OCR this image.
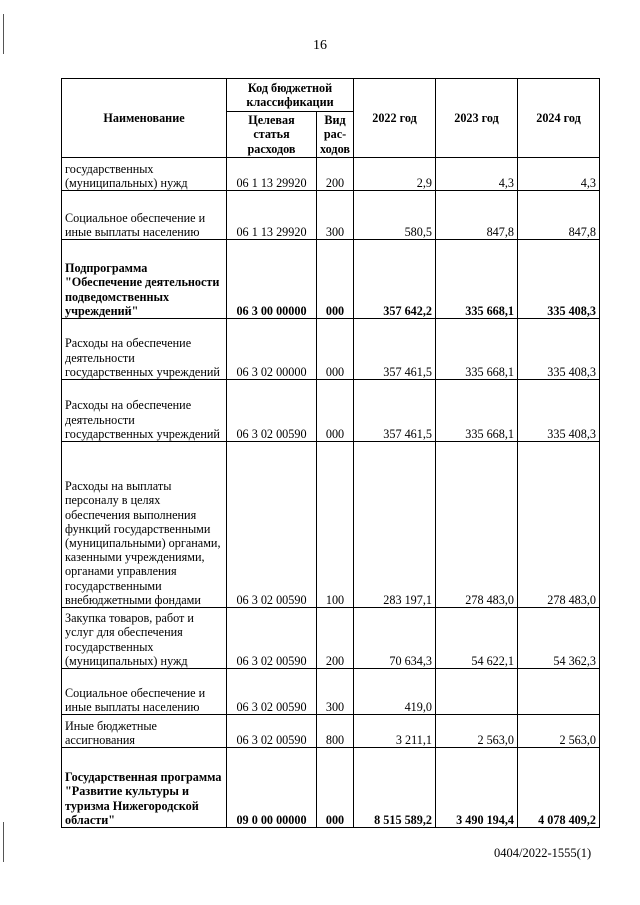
16
Наименование	Код бюджетной классификации		2022 год	2023 год	2024 год
	Целевая статья расходов	Вид рас-ходов			
государственных (муниципальных) нужд	06 1 13 29920	200	2,9	4,3	4,3
Социальное обеспечение и иные выплаты населению	06 1 13 29920	300	580,5	847,8	847,8
Подпрограмма "Обеспечение деятельности подведомственных учреждений"	06 3 00 00000	000	357 642,2	335 668,1	335 408,3
Расходы на обеспечение деятельности государственных учреждений	06 3 02 00000	000	357 461,5	335 668,1	335 408,3
Расходы на обеспечение деятельности государственных учреждений	06 3 02 00590	000	357 461,5	335 668,1	335 408,3
Расходы на выплаты персоналу в целях обеспечения выполнения функций государственными (муниципальными) органами, казенными учреждениями, органами управления государственными внебюджетными фондами	06 3 02 00590	100	283 197,1	278 483,0	278 483,0
Закупка товаров, работ и услуг для обеспечения государственных (муниципальных) нужд	06 3 02 00590	200	70 634,3	54 622,1	54 362,3
Социальное обеспечение и иные выплаты населению	06 3 02 00590	300	419,0		
Иные бюджетные ассигнования	06 3 02 00590	800	3 211,1	2 563,0	2 563,0
Государственная программа "Развитие культуры и туризма Нижегородской области"	09 0 00 00000	000	8 515 589,2	3 490 194,4	4 078 409,2
0404/2022-1555(1)
